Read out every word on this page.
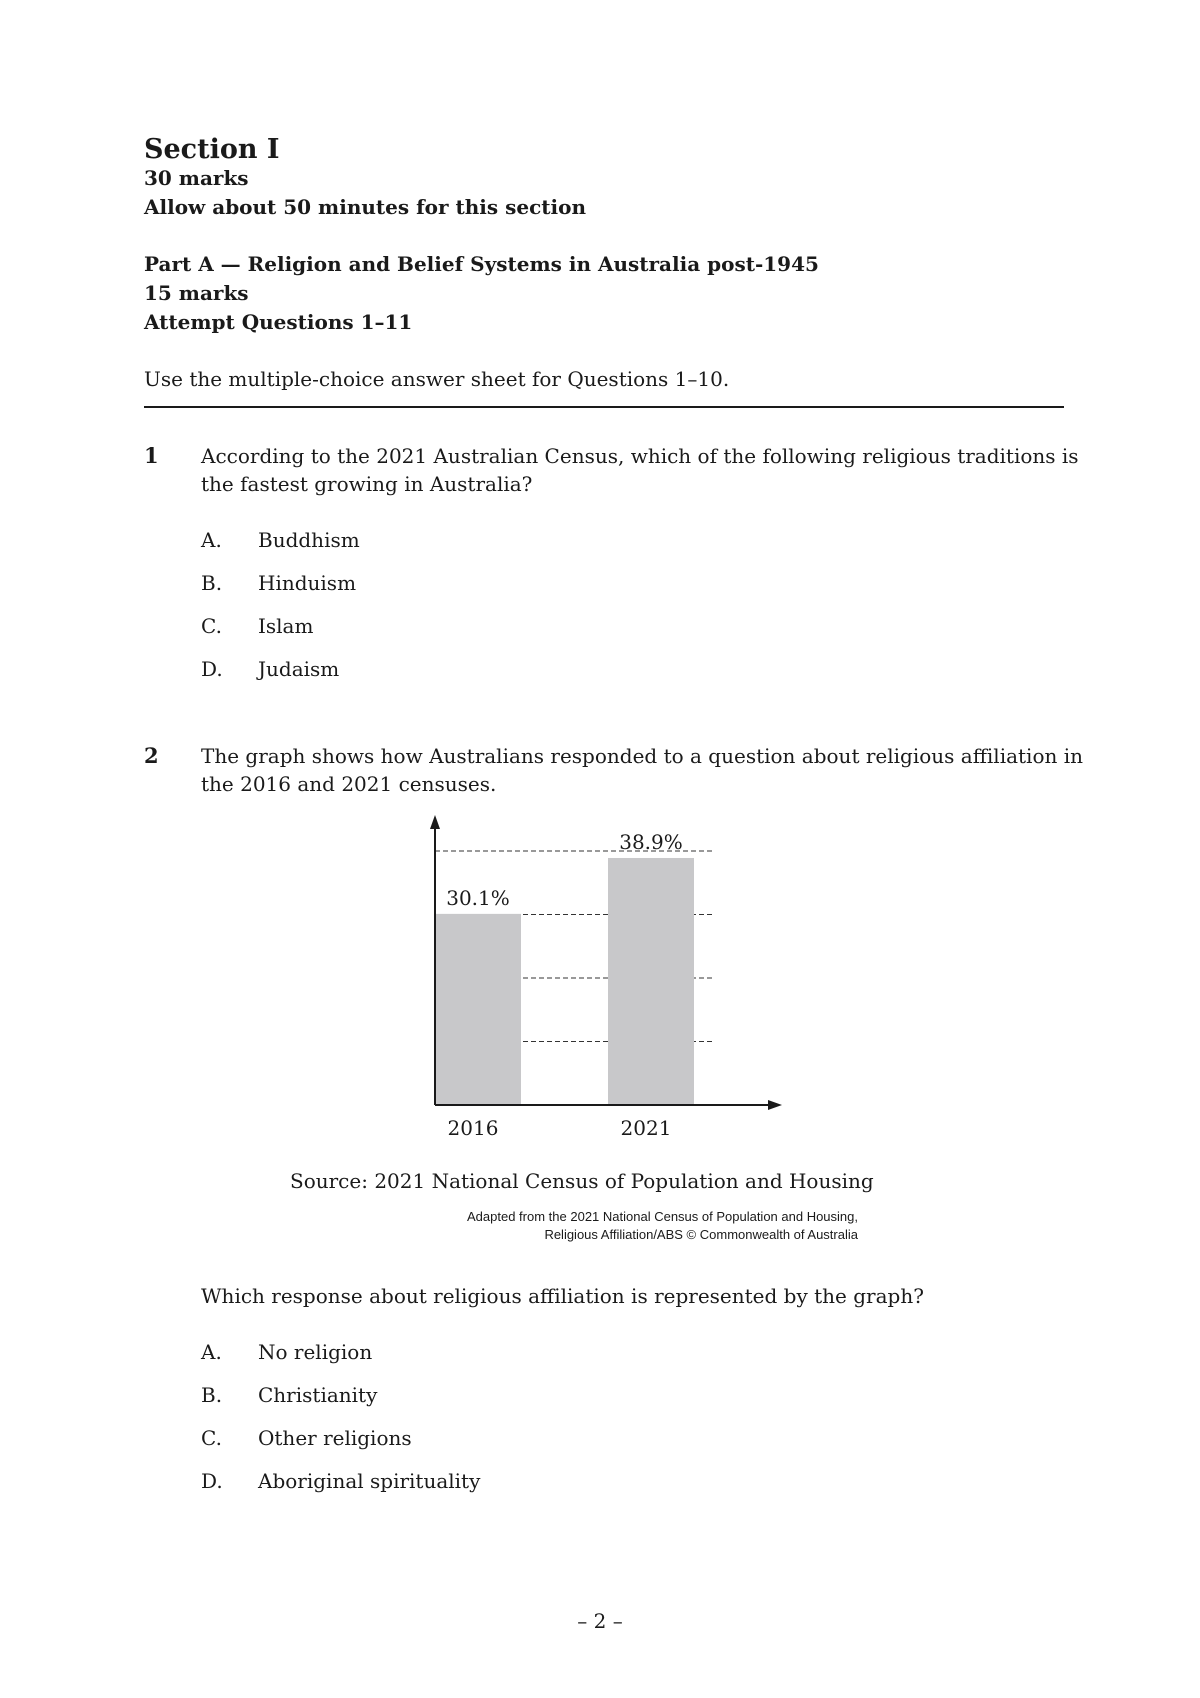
Section I
30 marks
Allow about 50 minutes for this section
Part A — Religion and Belief Systems in Australia post-1945
15 marks
Attempt Questions 1–11
Use the multiple-choice answer sheet for Questions 1–10.
1 According to the 2021 Australian Census, which of the following religious traditions is
the fastest growing in Australia?
A. Buddhism
B. Hinduism
C. Islam
D. Judaism
2 The graph shows how Australians responded to a question about religious affiliation in
the 2016 and 2021 censuses.
30.1%
2016
38.9%
2021
Source: 2021 National Census of Population and Housing
Adapted from the 2021 National Census of Population and Housing,
Religious Affiliation/ABS © Commonwealth of Australia
Which response about religious affiliation is represented by the graph?
A. No religion
B. Christianity
C. Other religions
D. Aboriginal spirituality
– 2 –
